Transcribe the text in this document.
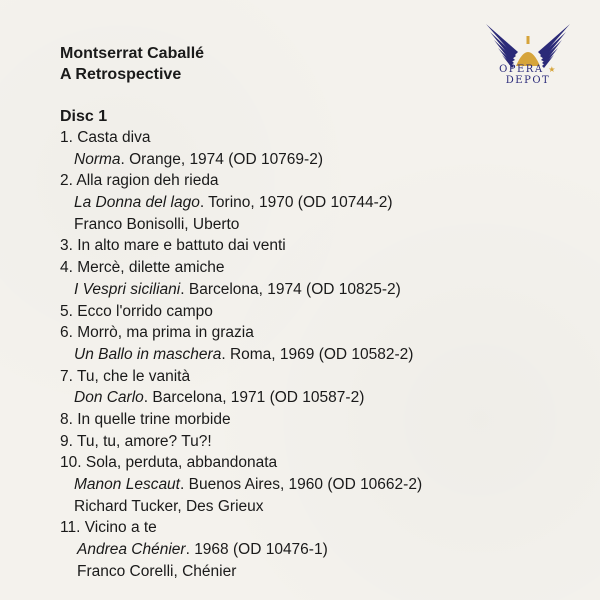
Montserrat Caballé
A Retrospective	OPERA ★ DEPOT
Disc 1
1. Casta diva
Norma. Orange, 1974 (OD 10769-2)
2. Alla ragion deh rieda
La Donna del lago. Torino, 1970 (OD 10744-2)
Franco Bonisolli, Uberto
3. In alto mare e battuto dai venti
4. Mercè, dilette amiche
I Vespri siciliani. Barcelona, 1974 (OD 10825-2)
5. Ecco l'orrido campo
6. Morrò, ma prima in grazia
Un Ballo in maschera. Roma, 1969 (OD 10582-2)
7. Tu, che le vanità
Don Carlo. Barcelona, 1971 (OD 10587-2)
8. In quelle trine morbide
9. Tu, tu, amore? Tu?!
10. Sola, perduta, abbandonata
Manon Lescaut. Buenos Aires, 1960 (OD 10662-2)
Richard Tucker, Des Grieux
11. Vicino a te
Andrea Chénier. 1968 (OD 10476-1)
Franco Corelli, Chénier
